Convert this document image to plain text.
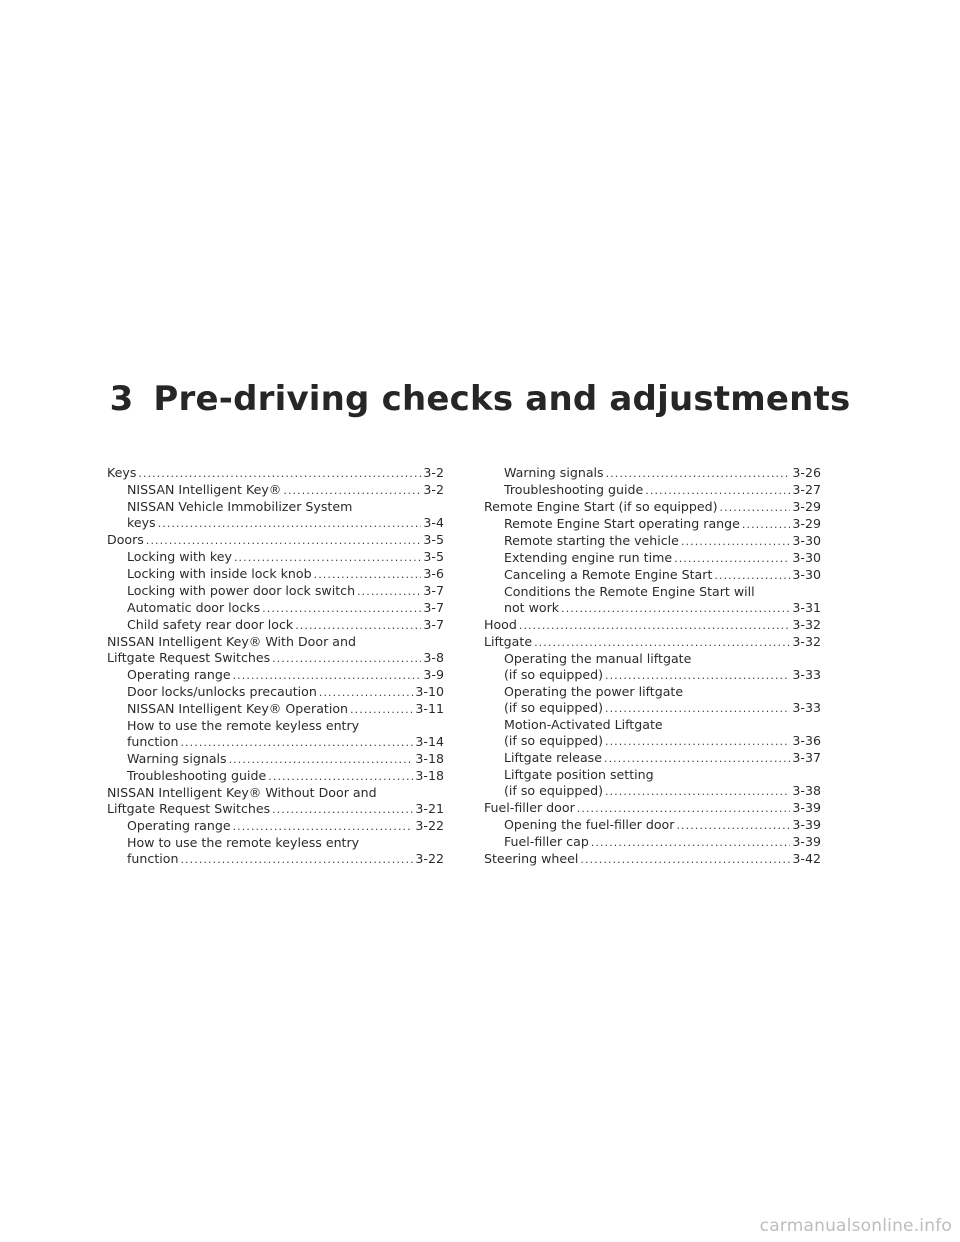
3 Pre-driving checks and adjustments
Keys . . .	3-2
NISSAN Intelligent Key® . . .	3-2
NISSAN Vehicle Immobilizer System
keys . . .	3-4
Doors . . .	3-5
Locking with key . . .	3-5
Locking with inside lock knob . . .	3-6
Locking with power door lock switch . . .	3-7
Automatic door locks . . .	3-7
Child safety rear door lock . . .	3-7
NISSAN Intelligent Key® With Door and
Liftgate Request Switches . . .	3-8
Operating range . . .	3-9
Door locks/unlocks precaution . . .	3-10
NISSAN Intelligent Key® Operation . . .	3-11
How to use the remote keyless entry
function . . .	3-14
Warning signals . . .	3-18
Troubleshooting guide . . .	3-18
NISSAN Intelligent Key® Without Door and
Liftgate Request Switches . . .	3-21
Operating range . . .	3-22
How to use the remote keyless entry
function . . .	3-22
Warning signals . . .	3-26
Troubleshooting guide . . .	3-27
Remote Engine Start (if so equipped) . . .	3-29
Remote Engine Start operating range . . .	3-29
Remote starting the vehicle . . .	3-30
Extending engine run time . . .	3-30
Canceling a Remote Engine Start . . .	3-30
Conditions the Remote Engine Start will
not work . . .	3-31
Hood . . .	3-32
Liftgate . . .	3-32
Operating the manual liftgate
(if so equipped) . . .	3-33
Operating the power liftgate
(if so equipped) . . .	3-33
Motion-Activated Liftgate
(if so equipped) . . .	3-36
Liftgate release . . .	3-37
Liftgate position setting
(if so equipped) . . .	3-38
Fuel-filler door . . .	3-39
Opening the fuel-filler door . . .	3-39
Fuel-filler cap . . .	3-39
Steering wheel . . .	3-42
carmanualsonline.info
